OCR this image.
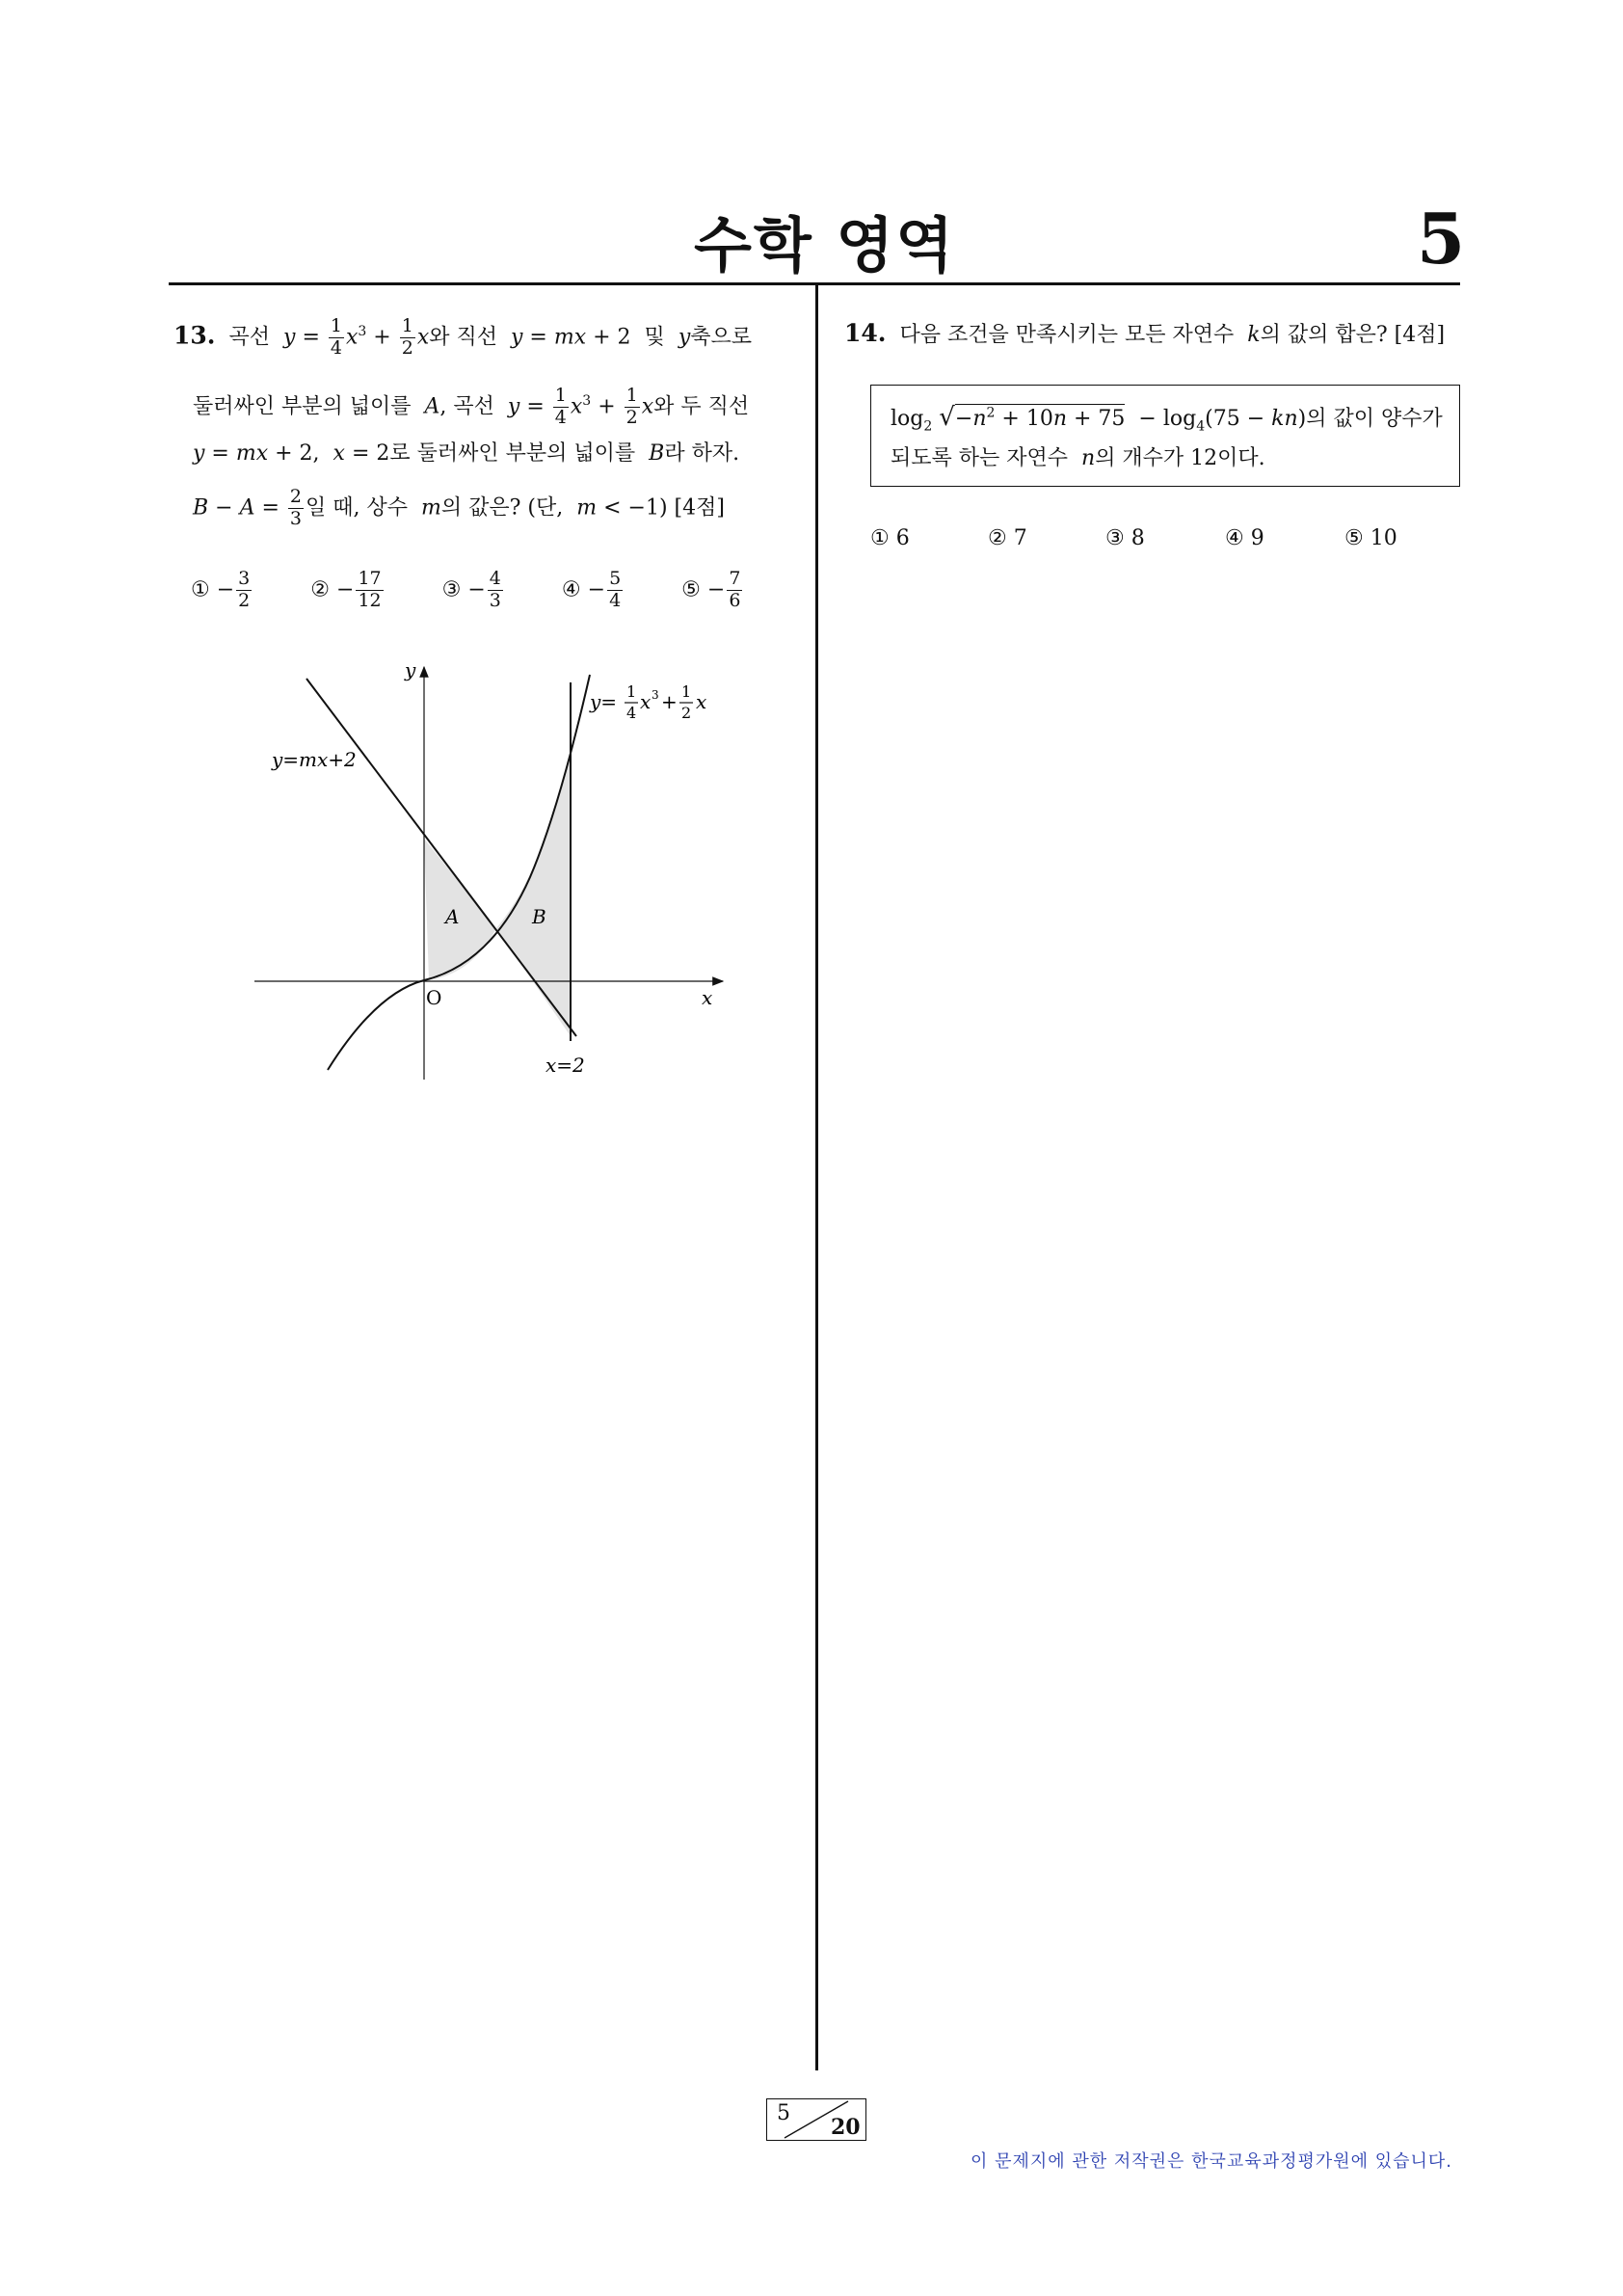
수학 영역	5
13. 곡선 $y = \frac{1}{4} x^3 + \frac{1}{2}$ x와 직선 y = mx + 2  및 y축으로
둘러싸인 부분의 넓이를 A, 곡선 $y = \frac{1}{4} x^3 + \frac{1}{2}$ x와 두 직선
y = mx + 2,  x = 2로 둘러싸인 부분의 넓이를 B라 하자.
$B - A = \frac{2}{3}$ 일 때, 상수 m의 값은? (단, m < −1) [4점]
① − $\frac{3}{2}$	② − $\frac{17}{12}$	③ − $\frac{4}{3}$	④ − $\frac{5}{4}$	⑤ − $\frac{7}{6}$
y=mx+2
y= 1
4 x 3 + 1
2 x
A	B
O	x
y
x=2
14. 다음 조건을 만족시키는 모든 자연수 k의 값의 합은? [4점]
$\log_2 √-n^2 + 10n + 75 - \log_4(75 - kn)$의 값이 양수가
되도록 하는 자연수 n의 개수가 12이다.
① 6	② 7	③ 8	④ 9	⑤ 10
5
20
이 문제지에 관한 저작권은 한국교육과정평가원에 있습니다.
